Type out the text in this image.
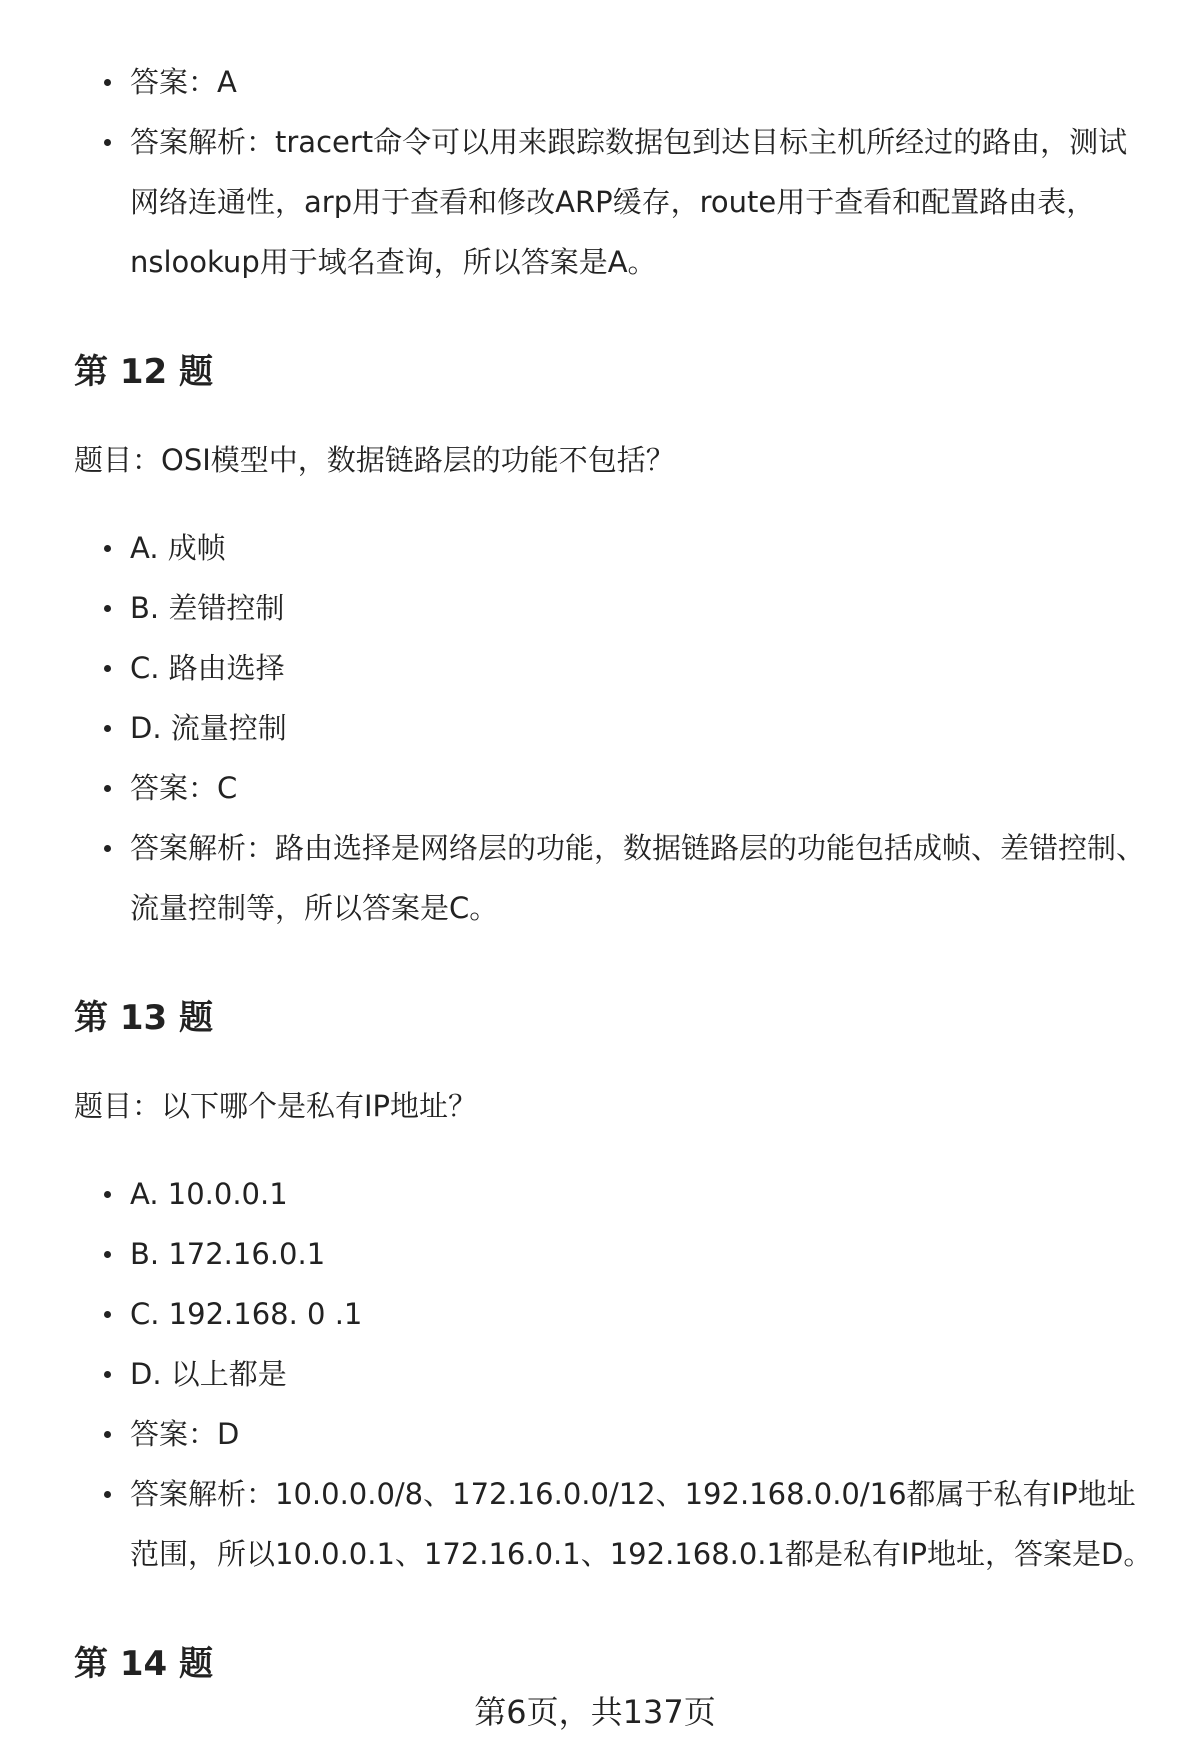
答案：A
答案解析：tracert命令可以用来跟踪数据包到达目标主机所经过的路由，测试网络连通性，arp用于查看和修改ARP缓存，route用于查看和配置路由表，nslookup用于域名查询，所以答案是A。
第 12 题

题目：OSI模型中，数据链路层的功能不包括？

A. 成帧
B. 差错控制
C. 路由选择
D. 流量控制
答案：C
答案解析：路由选择是网络层的功能，数据链路层的功能包括成帧、差错控制、流量控制等，所以答案是C。
第 13 题

题目：以下哪个是私有IP地址？

A. 10.0.0.1
B. 172.16.0.1
C. 192.168. 0 .1
D. 以上都是
答案：D
答案解析：10.0.0.0/8、172.16.0.0/12、192.168.0.0/16都属于私有IP地址范围，所以10.0.0.1、172.16.0.1、192.168.0.1都是私有IP地址，答案是D。
第 14 题
第6页，共137页
